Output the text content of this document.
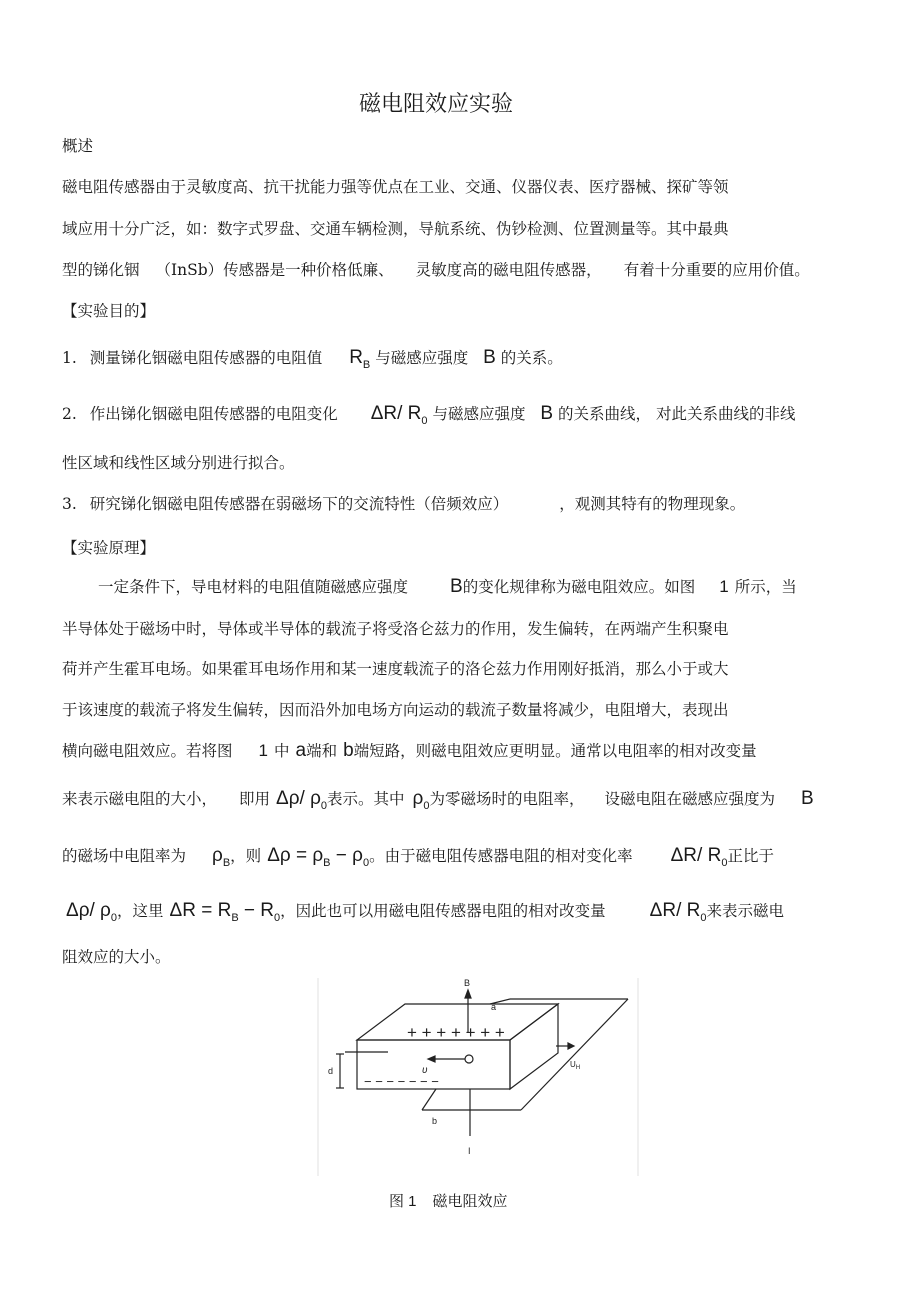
磁电阻效应实验
概述
磁电阻传感器由于灵敏度高、抗干扰能力强等优点在工业、交通、仪器仪表、医疗器械、探矿等领
域应用十分广泛，如：数字式罗盘、交通车辆检测，导航系统、伪钞检测、位置测量等。其中最典
型的锑化铟 （InSb）传感器是一种价格低廉、 灵敏度高的磁电阻传感器， 有着十分重要的应用价值。
【实验目的】
1. 测量锑化铟磁电阻传感器的电阻值 $R_B$ 与磁感应强度 B 的关系。
2. 作出锑化铟磁电阻传感器的电阻变化 ΔR/ $R_0$ 与磁感应强度 B 的关系曲线， 对此关系曲线的非线
性区域和线性区域分别进行拟合。
3. 研究锑化铟磁电阻传感器在弱磁场下的交流特性（倍频效应）	，观测其特有的物理现象。
【实验原理】
一定条件下，导电材料的电阻值随磁感应强度 B的变化规律称为磁电阻效应。如图 1 所示，当
半导体处于磁场中时，导体或半导体的载流子将受洛仑兹力的作用，发生偏转，在两端产生积聚电
荷并产生霍耳电场。如果霍耳电场作用和某一速度载流子的洛仑兹力作用刚好抵消，那么小于或大
于该速度的载流子将发生偏转，因而沿外加电场方向运动的载流子数量将减少，电阻增大，表现出
横向磁电阻效应。若将图 1 中 a端和 b端短路，则磁电阻效应更明显。通常以电阻率的相对改变量
来表示磁电阻的大小， 即用 Δρ/ $\rho_0$表示。其中 $\rho_0$为零磁场时的电阻率， 设磁电阻在磁感应强度为 B
的磁场中电阻率为 $\rho_B$，则 $\Delta\rho = \rho_B - \rho_0$。由于磁电阻传感器电阻的相对变化率 ΔR/ $R_0$正比于
Δρ/ $\rho_0$，这里 $\Delta R = R_B - R_0$，因此也可以用磁电阻传感器电阻的相对改变量 ΔR/ $R_0$来表示磁电
阻效应的大小。
B
a
b
d	υ
$U_H$
I
+ + + + + + +
− − − − − − −
图 1 磁电阻效应
